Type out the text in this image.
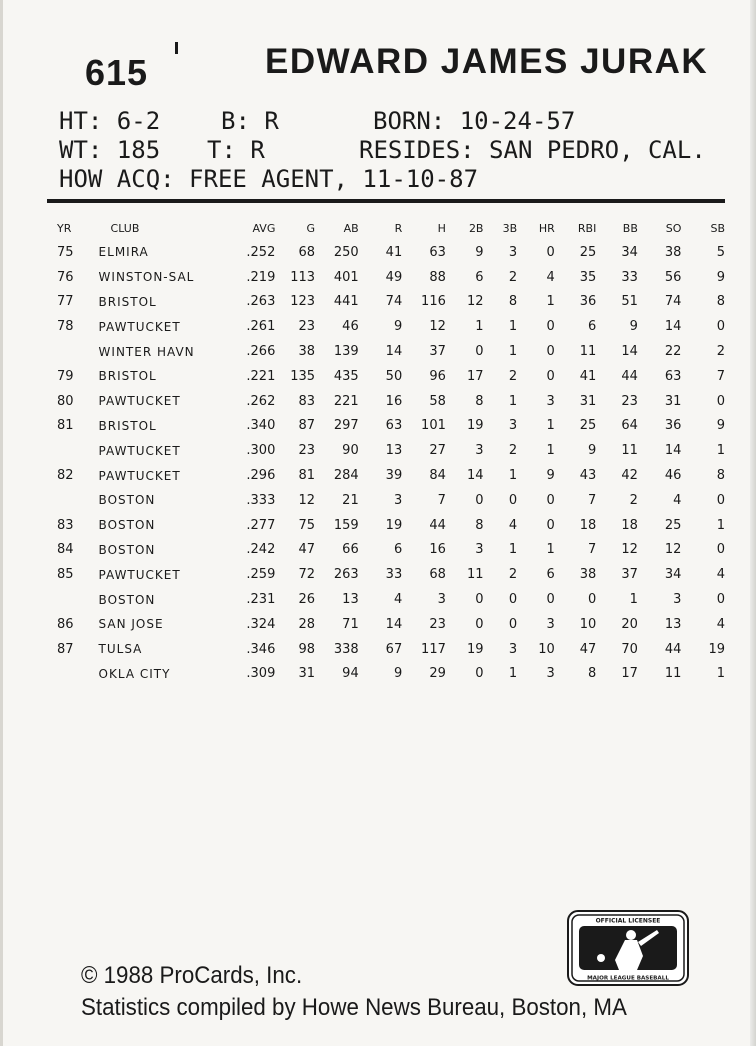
615	EDWARD JAMES JURAK
HT: 6-2	B: R	BORN: 10-24-57
WT: 185 T: R	RESIDES: SAN PEDRO, CAL.
HOW ACQ: FREE AGENT, 11-10-87
YR	CLUB	AVG	G	AB	R	H	2B	3B	HR	RBI	BB	SO	SB
75	ELMIRA	.252	68	250	41	63	9	3	0	25	34	38	5
76	WINSTON-SAL	.219	113	401	49	88	6	2	4	35	33	56	9
77	BRISTOL	.263	123	441	74	116	12	8	1	36	51	74	8
78	PAWTUCKET	.261	23	46	9	12	1	1	0	6	9	14	0
	WINTER HAVN	.266	38	139	14	37	0	1	0	11	14	22	2
79	BRISTOL	.221	135	435	50	96	17	2	0	41	44	63	7
80	PAWTUCKET	.262	83	221	16	58	8	1	3	31	23	31	0
81	BRISTOL	.340	87	297	63	101	19	3	1	25	64	36	9
	PAWTUCKET	.300	23	90	13	27	3	2	1	9	11	14	1
82	PAWTUCKET	.296	81	284	39	84	14	1	9	43	42	46	8
	BOSTON	.333	12	21	3	7	0	0	0	7	2	4	0
83	BOSTON	.277	75	159	19	44	8	4	0	18	18	25	1
84	BOSTON	.242	47	66	6	16	3	1	1	7	12	12	0
85	PAWTUCKET	.259	72	263	33	68	11	2	6	38	37	34	4
	BOSTON	.231	26	13	4	3	0	0	0	0	1	3	0
86	SAN JOSE	.324	28	71	14	23	0	0	3	10	20	13	4
87	TULSA	.346	98	338	67	117	19	3	10	47	70	44	19
	OKLA CITY	.309	31	94	9	29	0	1	3	8	17	11	1
OFFICIAL LICENSEE
MAJOR LEAGUE BASEBALL
© 1988 ProCards, Inc.
Statistics compiled by Howe News Bureau, Boston, MA
